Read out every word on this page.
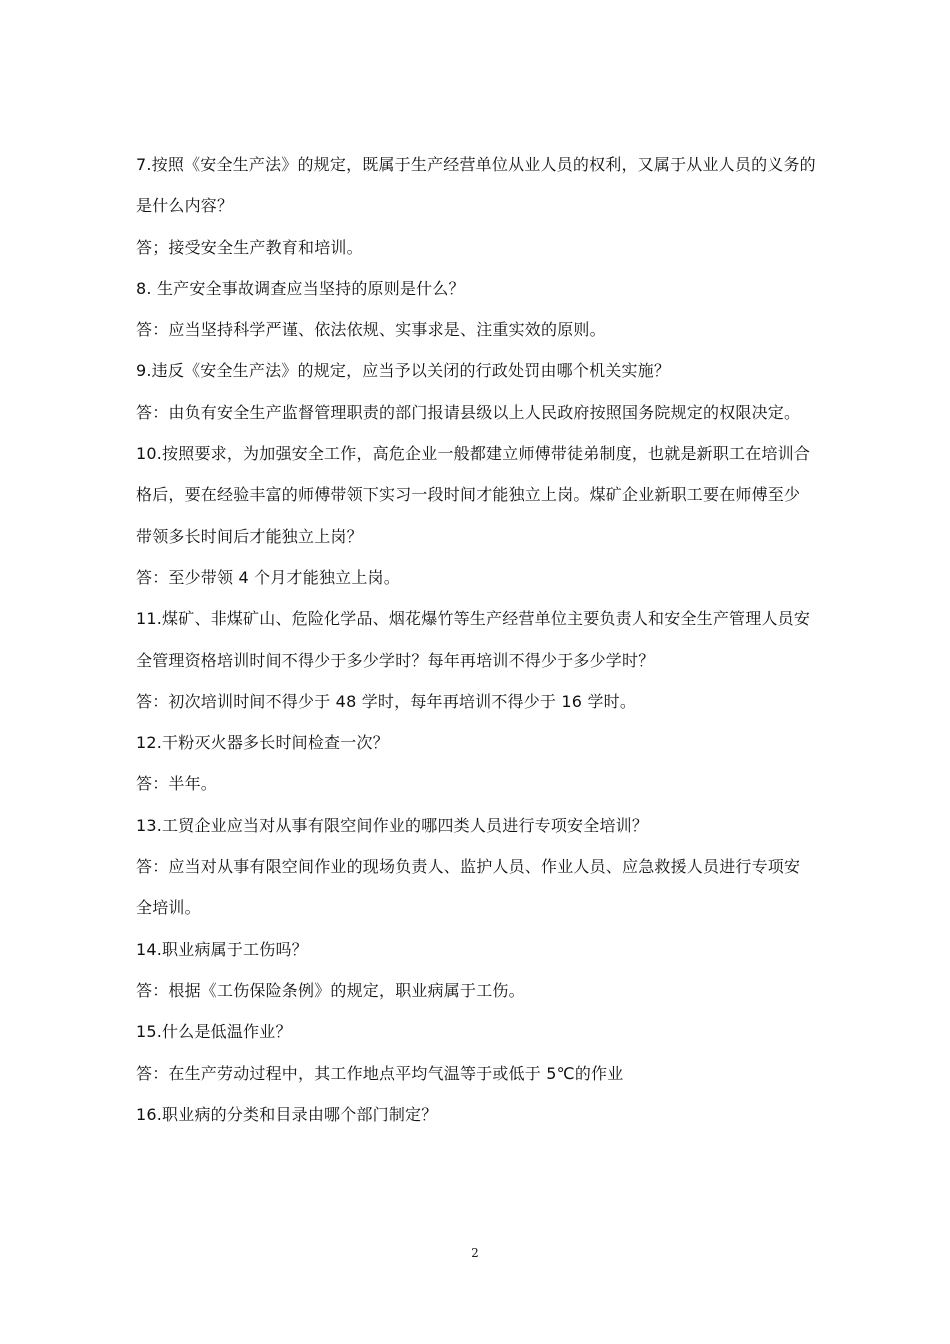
7.按照《安全生产法》的规定，既属于生产经营单位从业人员的权利，又属于从业人员的义务的是什么内容？

答；接受安全生产教育和培训。

8. 生产安全事故调查应当坚持的原则是什么？

答：应当坚持科学严谨、依法依规、实事求是、注重实效的原则。

9.违反《安全生产法》的规定，应当予以关闭的行政处罚由哪个机关实施？

答：由负有安全生产监督管理职责的部门报请县级以上人民政府按照国务院规定的权限决定。

10.按照要求，为加强安全工作，高危企业一般都建立师傅带徒弟制度，也就是新职工在培训合格后，要在经验丰富的师傅带领下实习一段时间才能独立上岗。煤矿企业新职工要在师傅至少带领多长时间后才能独立上岗？

答：至少带领 4 个月才能独立上岗。

11.煤矿、非煤矿山、危险化学品、烟花爆竹等生产经营单位主要负责人和安全生产管理人员安全管理资格培训时间不得少于多少学时？每年再培训不得少于多少学时？

答：初次培训时间不得少于 48 学时，每年再培训不得少于 16 学时。

12.干粉灭火器多长时间检查一次？

答：半年。

13.工贸企业应当对从事有限空间作业的哪四类人员进行专项安全培训？

答：应当对从事有限空间作业的现场负责人、监护人员、作业人员、应急救援人员进行专项安全培训。

14.职业病属于工伤吗？

答：根据《工伤保险条例》的规定，职业病属于工伤。

15.什么是低温作业？

答：在生产劳动过程中，其工作地点平均气温等于或低于 5℃的作业

16.职业病的分类和目录由哪个部门制定？

2
